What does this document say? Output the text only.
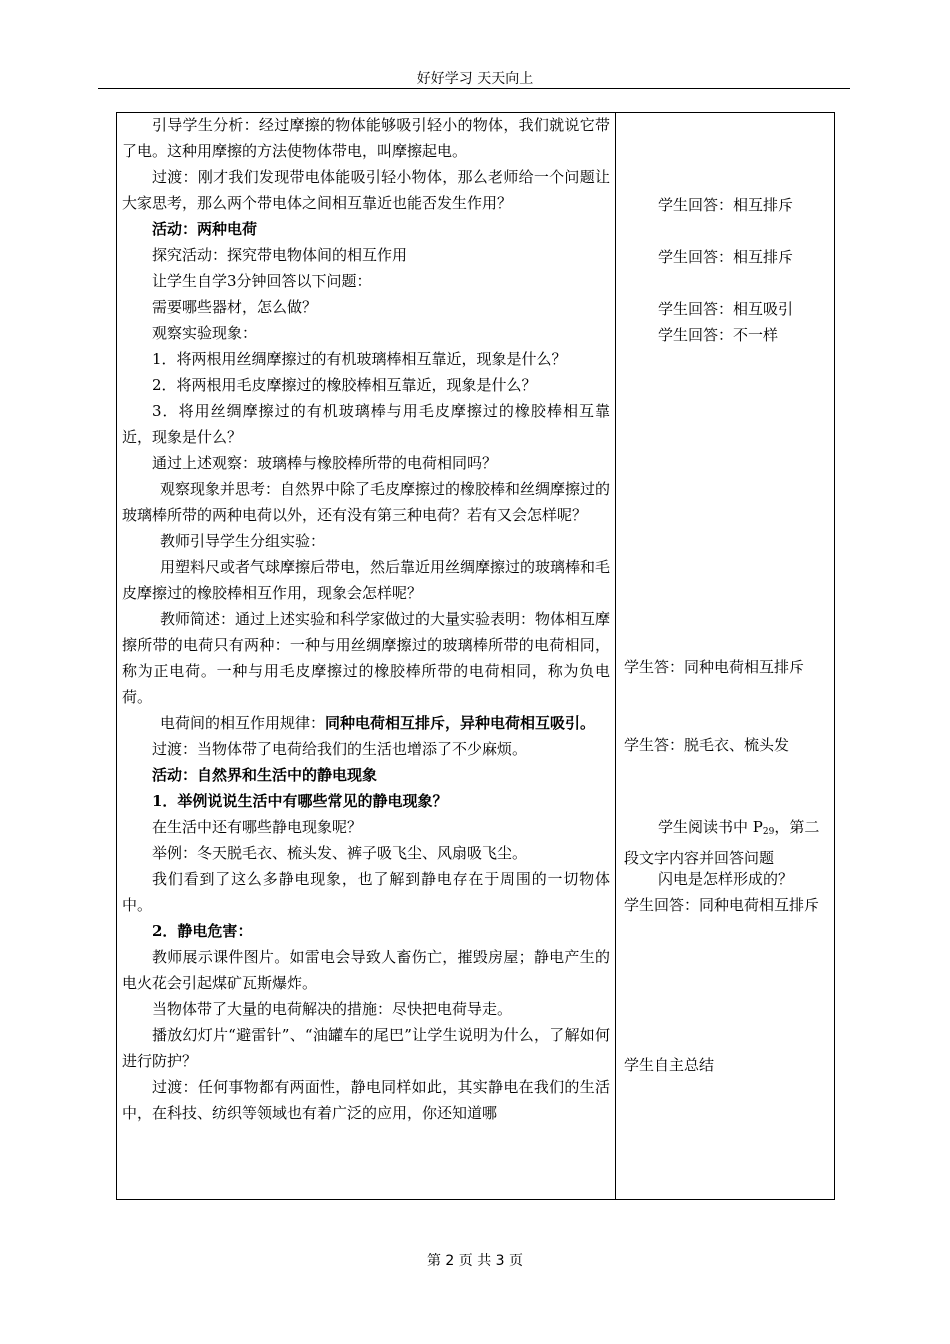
好好学习 天天向上

引导学生分析：经过摩擦的物体能够吸引轻小的物体，我们就说它带了电。这种用摩擦的方法使物体带电，叫摩擦起电。

过渡：刚才我们发现带电体能吸引轻小物体，那么老师给一个问题让大家思考，那么两个带电体之间相互靠近也能否发生作用？

活动：两种电荷

探究活动：探究带电物体间的相互作用

让学生自学3分钟回答以下问题：

需要哪些器材，怎么做？

观察实验现象：

1．将两根用丝绸摩擦过的有机玻璃棒相互靠近，现象是什么？

2．将两根用毛皮摩擦过的橡胶棒相互靠近，现象是什么？

3．将用丝绸摩擦过的有机玻璃棒与用毛皮摩擦过的橡胶棒相互靠近，现象是什么？

通过上述观察：玻璃棒与橡胶棒所带的电荷相同吗？

观察现象并思考：自然界中除了毛皮摩擦过的橡胶棒和丝绸摩擦过的玻璃棒所带的两种电荷以外，还有没有第三种电荷？若有又会怎样呢？

教师引导学生分组实验：

用塑料尺或者气球摩擦后带电，然后靠近用丝绸摩擦过的玻璃棒和毛皮摩擦过的橡胶棒相互作用，现象会怎样呢？

教师简述：通过上述实验和科学家做过的大量实验表明：物体相互摩擦所带的电荷只有两种：一种与用丝绸摩擦过的玻璃棒所带的电荷相同，称为正电荷。一种与用毛皮摩擦过的橡胶棒所带的电荷相同，称为负电荷。

电荷间的相互作用规律：同种电荷相互排斥，异种电荷相互吸引。

过渡：当物体带了电荷给我们的生活也增添了不少麻烦。

活动：自然界和生活中的静电现象

1．举例说说生活中有哪些常见的静电现象？

在生活中还有哪些静电现象呢？

举例：冬天脱毛衣、梳头发、裤子吸飞尘、风扇吸飞尘。

我们看到了这么多静电现象，也了解到静电存在于周围的一切物体中。

2．静电危害：

教师展示课件图片。如雷电会导致人畜伤亡，摧毁房屋；静电产生的电火花会引起煤矿瓦斯爆炸。

当物体带了大量的电荷解决的措施：尽快把电荷导走。

播放幻灯片“避雷针”、“油罐车的尾巴”让学生说明为什么，了解如何进行防护？

过渡：任何事物都有两面性，静电同样如此，其实静电在我们的生活中，在科技、纺织等领域也有着广泛的应用，你还知道哪

学生回答：相互排斥

学生回答：相互排斥

学生回答：相互吸引

学生回答：不一样

学生答：同种电荷相互排斥

学生答：脱毛衣、梳头发

学生阅读书中 $P_{29}$，第二段文字内容并回答问题

闪电是怎样形成的？

学生回答：同种电荷相互排斥

学生自主总结

第 2 页 共 3 页
